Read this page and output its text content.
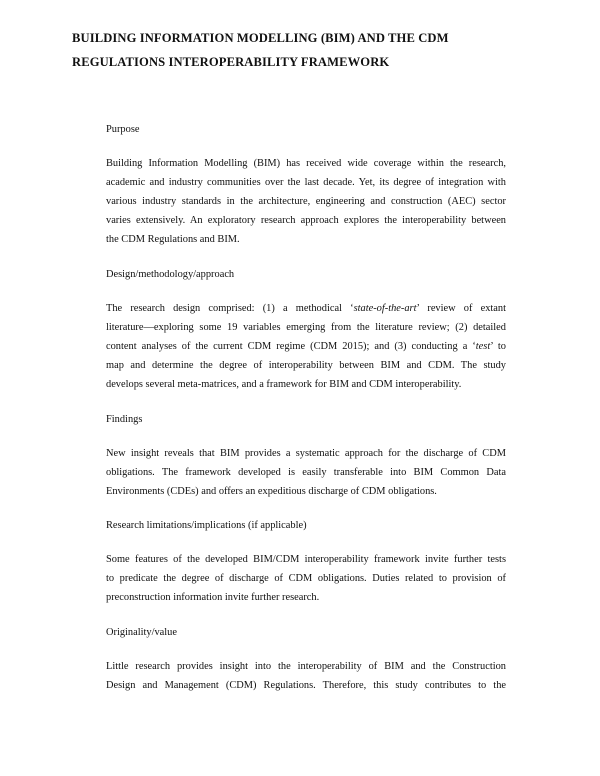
BUILDING INFORMATION MODELLING (BIM) AND THE CDM
REGULATIONS INTEROPERABILITY FRAMEWORK
Purpose

Building Information Modelling (BIM) has received wide coverage within the research,
academic and industry communities over the last decade. Yet, its degree of integration with
various industry standards in the architecture, engineering and construction (AEC) sector
varies extensively. An exploratory research approach explores the interoperability between
the CDM Regulations and BIM.

Design/methodology/approach

The research design comprised: (1) a methodical ‘state-of-the-art’ review of extant
literature—exploring some 19 variables emerging from the literature review; (2) detailed
content analyses of the current CDM regime (CDM 2015); and (3) conducting a ‘test’ to
map and determine the degree of interoperability between BIM and CDM. The study
develops several meta-matrices, and a framework for BIM and CDM interoperability.

Findings

New insight reveals that BIM provides a systematic approach for the discharge of CDM
obligations. The framework developed is easily transferable into BIM Common Data
Environments (CDEs) and offers an expeditious discharge of CDM obligations.

Research limitations/implications (if applicable)

Some features of the developed BIM/CDM interoperability framework invite further tests
to predicate the degree of discharge of CDM obligations. Duties related to provision of
preconstruction information invite further research.

Originality/value

Little research provides insight into the interoperability of BIM and the Construction
Design and Management (CDM) Regulations. Therefore, this study contributes to the
